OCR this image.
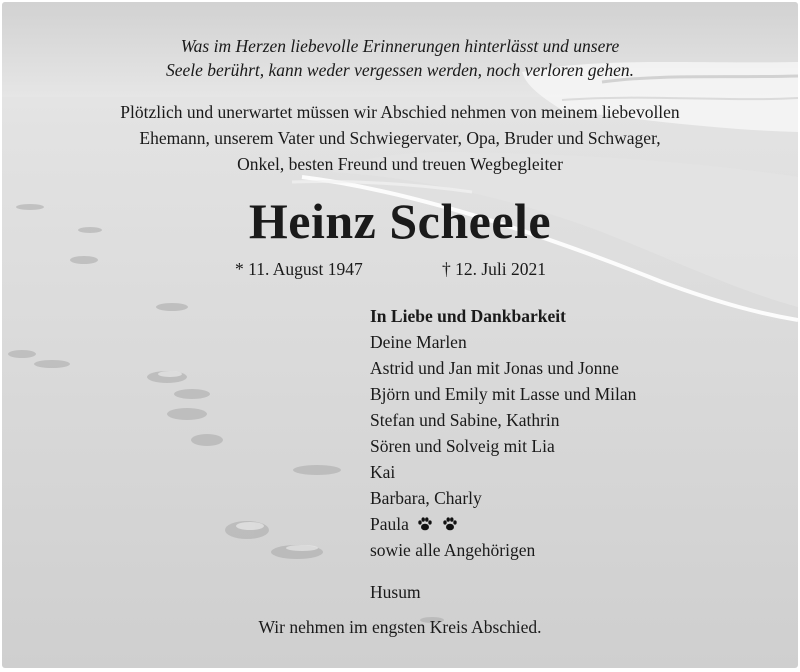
Was im Herzen liebevolle Erinnerungen hinterlässt und unsere
Seele berührt, kann weder vergessen werden, noch verloren gehen.
Plötzlich und unerwartet müssen wir Abschied nehmen von meinem liebevollen
Ehemann, unserem Vater und Schwiegervater, Opa, Bruder und Schwager,
Onkel, besten Freund und treuen Wegbegleiter
Heinz Scheele
* 11. August 1947	† 12. Juli 2021
In Liebe und Dankbarkeit
Deine Marlen
Astrid und Jan mit Jonas und Jonne
Björn und Emily mit Lasse und Milan
Stefan und Sabine, Kathrin
Sören und Solveig mit Lia
Kai
Barbara, Charly
Paula
sowie alle Angehörigen
Husum
Wir nehmen im engsten Kreis Abschied.
